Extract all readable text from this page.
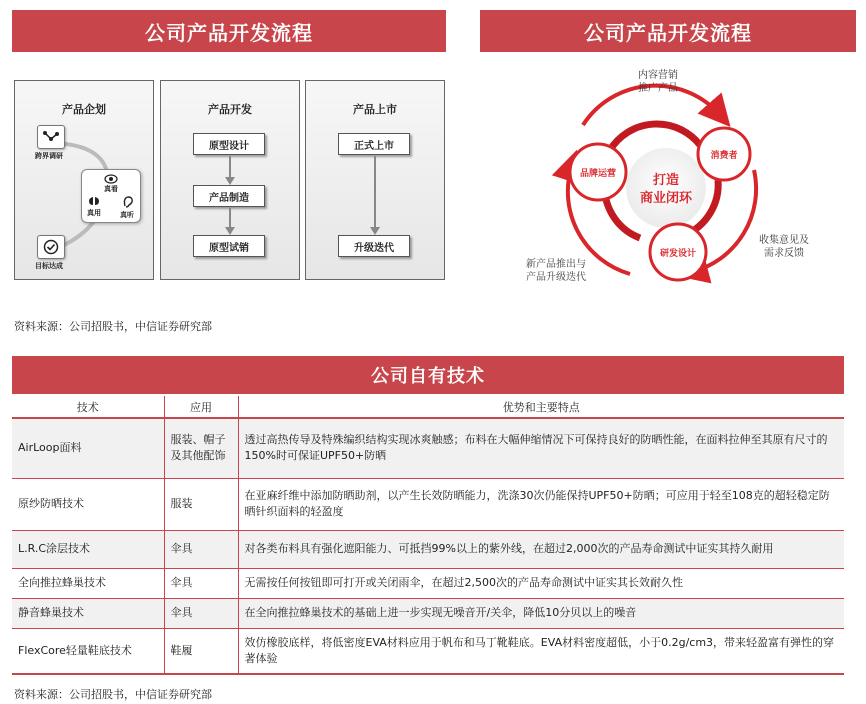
公司产品开发流程
产品企划
跨界调研
真看
真用	真听
目标达成
产品开发
原型设计
产品制造
原型试销
产品上市
正式上市
升级迭代
公司产品开发流程
打造
商业闭环
品牌运营
消费者
研发设计
内容营销
推广产品
收集意见及
需求反馈
新产品推出与
产品升级迭代
资料来源：公司招股书，中信证券研究部
公司自有技术
技术	应用	优势和主要特点
AirLoop面料	服装、帽子及其他配饰	透过高热传导及特殊编织结构实现冰爽触感；布料在大幅伸缩情况下可保持良好的防晒性能，在面料拉伸至其原有尺寸的150%时可保证UPF50+防晒
原纱防晒技术	服装	在亚麻纤维中添加防晒助剂，以产生长效防晒能力，洗涤30次仍能保持UPF50+防晒；可应用于轻至108克的超轻稳定防晒针织面料的轻盈度
L.R.C涂层技术	伞具	对各类布料具有强化遮阳能力、可抵挡99%以上的紫外线，在超过2,000次的产品寿命测试中证实其持久耐用
全向推拉蜂巢技术	伞具	无需按任何按钮即可打开或关闭雨伞，在超过2,500次的产品寿命测试中证实其长效耐久性
静音蜂巢技术	伞具	在全向推拉蜂巢技术的基础上进一步实现无噪音开/关伞，降低10分贝以上的噪音
FlexCore轻量鞋底技术	鞋履	效仿橡胶底样，将低密度EVA材料应用于帆布和马丁靴鞋底。EVA材料密度超低，小于0.2g/cm3，带来轻盈富有弹性的穿著体验
资料来源：公司招股书，中信证券研究部
